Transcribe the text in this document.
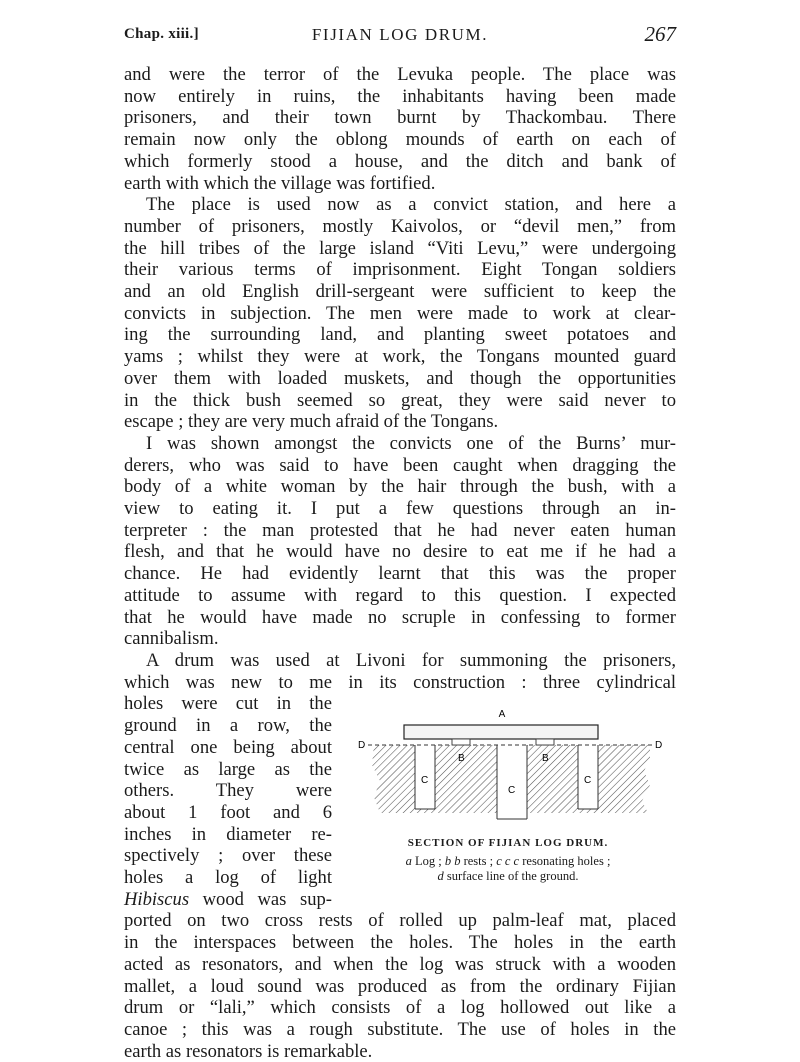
Chap. xiii.]	FIJIAN LOG DRUM.	267
and were the terror of the Levuka people. The place was
now entirely in ruins, the inhabitants having been made
prisoners, and their town burnt by Thackombau. There
remain now only the oblong mounds of earth on each of
which formerly stood a house, and the ditch and bank of
earth with which the village was fortified.
The place is used now as a convict station, and here a
number of prisoners, mostly Kaivolos, or “devil men,” from
the hill tribes of the large island “Viti Levu,” were undergoing
their various terms of imprisonment. Eight Tongan soldiers
and an old English drill-sergeant were sufficient to keep the
convicts in subjection. The men were made to work at clear-
ing the surrounding land, and planting sweet potatoes and
yams ; whilst they were at work, the Tongans mounted guard
over them with loaded muskets, and though the opportunities
in the thick bush seemed so great, they were said never to
escape ; they are very much afraid of the Tongans.
I was shown amongst the convicts one of the Burns’ mur-
derers, who was said to have been caught when dragging the
body of a white woman by the hair through the bush, with a
view to eating it. I put a few questions through an in-
terpreter : the man protested that he had never eaten human
flesh, and that he would have no desire to eat me if he had a
chance. He had evidently learnt that this was the proper
attitude to assume with regard to this question. I expected
that he would have made no scruple in confessing to former
cannibalism.
A drum was used at Livoni for summoning the prisoners,
which was new to me in its construction : three cylindrical
holes were cut in the
ground in a row, the
central one being about
twice as large as the
others. They were
about 1 foot and 6
inches in diameter re-
spectively ; over these
holes a log of light
Hibiscus wood was sup-
A
D	D
B	B
C
C
C
SECTION OF FIJIAN LOG DRUM.
a Log ; b b rests ; c c c resonating holes ;
d surface line of the ground.
ported on two cross rests of rolled up palm-leaf mat, placed
in the interspaces between the holes. The holes in the earth
acted as resonators, and when the log was struck with a wooden
mallet, a loud sound was produced as from the ordinary Fijian
drum or “lali,” which consists of a log hollowed out like a
canoe ; this was a rough substitute. The use of holes in the
earth as resonators is remarkable.
